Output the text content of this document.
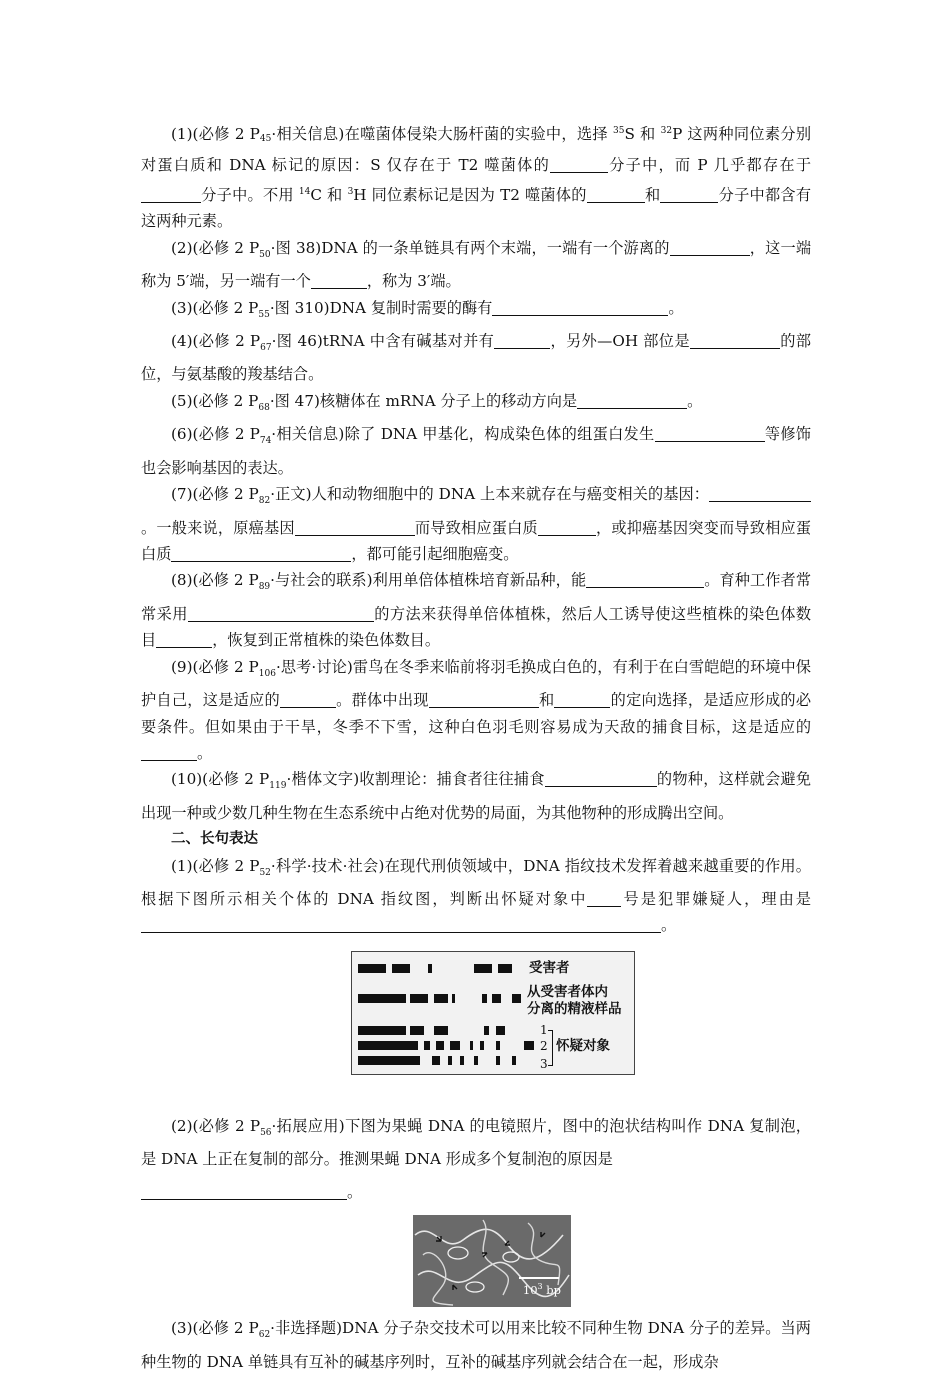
(1)(必修 2 $P_{45}\cdot$相关信息)在噬菌体侵染大肠杆菌的实验中，选择 $^{35}$S 和 $^{32}$P 这两种同位素分别对蛋白质和 DNA 标记的原因：S 仅存在于 T2 噬菌体的	分子中，而 P 几乎都存在于分子中。不用 $^{14}$C 和 $^3$H 同位素标记是因为 T2 噬菌体的	和	分子中都含有这两种元素。

(2)(必修 2 $P_{50}\cdot$图 38)DNA 的一条单链具有两个末端，一端有一个游离的	，这一端称为 5′端，另一端有一个	，称为 3′端。

(3)(必修 2 $P_{55}\cdot$图 310)DNA 复制时需要的酶有	。

(4)(必修 2 $P_{67}\cdot$图 46)tRNA 中含有碱基对并有	，另外—OH 部位是	的部位，与氨基酸的羧基结合。

(5)(必修 2 $P_{68}\cdot$图 47)核糖体在 mRNA 分子上的移动方向是	。

(6)(必修 2 $P_{74}\cdot$相关信息)除了 DNA 甲基化，构成染色体的组蛋白发生	等修饰也会影响基因的表达。

(7)(必修 2 $P_{82}\cdot$正文)人和动物细胞中的 DNA 上本来就存在与癌变相关的基因：。一般来说，原癌基因	而导致相应蛋白质	，或抑癌基因突变而导致相应蛋白质	，都可能引起细胞癌变。

(8)(必修 2 $P_{89}\cdot$与社会的联系)利用单倍体植株培育新品种，能	。育种工作者常常采用	的方法来获得单倍体植株，然后人工诱导使这些植株的染色体数目	，恢复到正常植株的染色体数目。

(9)(必修 2 $P_{106}\cdot$思考·讨论)雷鸟在冬季来临前将羽毛换成白色的，有利于在白雪皑皑的环境中保护自己，这是适应的	。群体中出现	和	的定向选择，是适应形成的必要条件。但如果由于干旱，冬季不下雪，这种白色羽毛则容易成为天敌的捕食目标，这是适应的。

(10)(必修 2 $P_{119}\cdot$楷体文字)收割理论：捕食者往往捕食	的物种，这样就会避免出现一种或少数几种生物在生态系统中占绝对优势的局面，为其他物种的形成腾出空间。

二、长句表达

(1)(必修 2 $P_{52}\cdot$科学·技术·社会)在现代刑侦领域中，DNA 指纹技术发挥着越来越重要的作用。根据下图所示相关个体的 DNA 指纹图，判断出怀疑对象中 号是犯罪嫌疑人，理由是。

受害者
从受害者体内
分离的精液样品
1
2
3
怀疑对象

(2)(必修 2 $P_{56}\cdot$拓展应用)下图为果蝇 DNA 的电镜照片，图中的泡状结构叫作 DNA 复制泡，是 DNA 上正在复制的部分。推测果蝇 DNA 形成多个复制泡的原因是

。

$10^3$ bp

(3)(必修 2 $P_{62}\cdot$非选择题)DNA 分子杂交技术可以用来比较不同种生物 DNA 分子的差异。当两种生物的 DNA 单链具有互补的碱基序列时，互补的碱基序列就会结合在一起，形成杂
